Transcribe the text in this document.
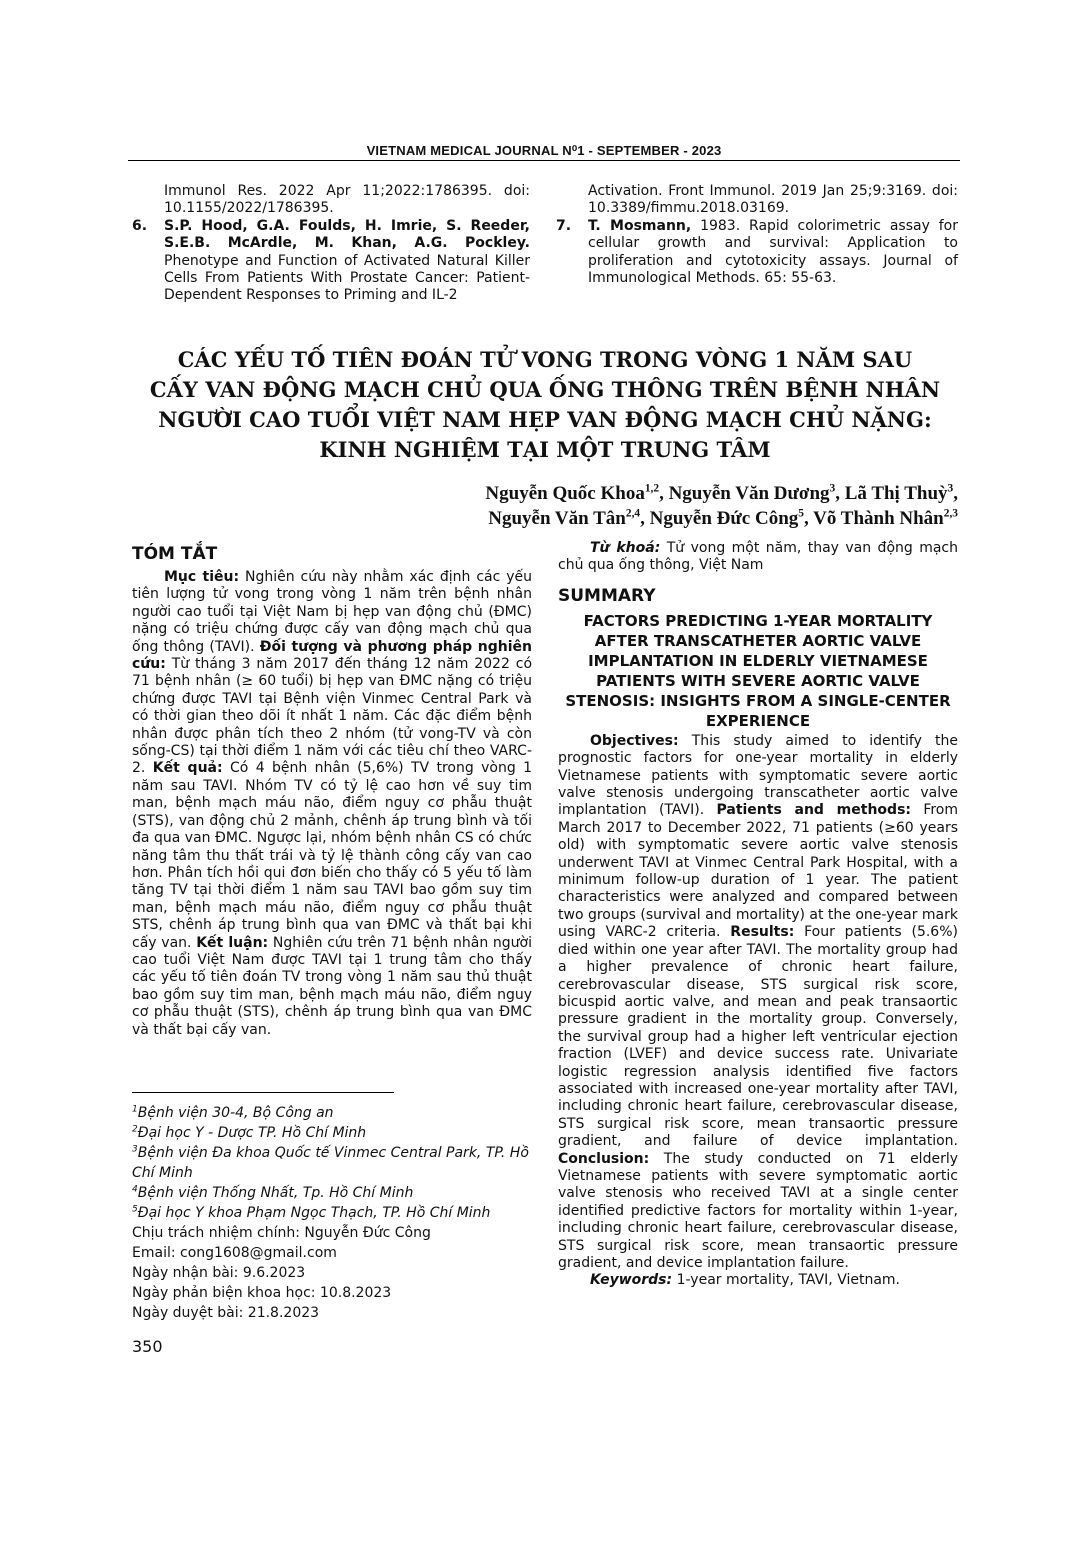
VIETNAM MEDICAL JOURNAL N⁰1 - SEPTEMBER - 2023
Immunol Res. 2022 Apr 11;2022:1786395. doi: 10.1155/2022/1786395.
6. S.P. Hood, G.A. Foulds, H. Imrie, S. Reeder, S.E.B. McArdle, M. Khan, A.G. Pockley. Phenotype and Function of Activated Natural Killer Cells From Patients With Prostate Cancer: Patient-Dependent Responses to Priming and IL-2
Activation. Front Immunol. 2019 Jan 25;9:3169. doi: 10.3389/fimmu.2018.03169.
7. T. Mosmann, 1983. Rapid colorimetric assay for cellular growth and survival: Application to proliferation and cytotoxicity assays. Journal of Immunological Methods. 65: 55-63.
CÁC YẾU TỐ TIÊN ĐOÁN TỬ VONG TRONG VÒNG 1 NĂM SAU
CẤY VAN ĐỘNG MẠCH CHỦ QUA ỐNG THÔNG TRÊN BỆNH NHÂN
NGƯỜI CAO TUỔI VIỆT NAM HẸP VAN ĐỘNG MẠCH CHỦ NẶNG:
KINH NGHIỆM TẠI MỘT TRUNG TÂM
Nguyễn Quốc Khoa$^{1,2}$, Nguyễn Văn Dương$^3$, Lã Thị Thuỳ$^3$,
Nguyễn Văn Tân$^{2,4}$, Nguyễn Đức Công$^5$, Võ Thành Nhân$^{2,3}$
TÓM TẮT
Mục tiêu: Nghiên cứu này nhằm xác định các yếu tiên lượng tử vong trong vòng 1 năm trên bệnh nhân người cao tuổi tại Việt Nam bị hẹp van động chủ (ĐMC) nặng có triệu chứng được cấy van động mạch chủ qua ống thông (TAVI). Đối tượng và phương pháp nghiên cứu: Từ tháng 3 năm 2017 đến tháng 12 năm 2022 có 71 bệnh nhân (≥ 60 tuổi) bị hẹp van ĐMC nặng có triệu chứng được TAVI tại Bệnh viện Vinmec Central Park và có thời gian theo dõi ít nhất 1 năm. Các đặc điểm bệnh nhân được phân tích theo 2 nhóm (tử vong-TV và còn sống-CS) tại thời điểm 1 năm với các tiêu chí theo VARC-2. Kết quả: Có 4 bệnh nhân (5,6%) TV trong vòng 1 năm sau TAVI. Nhóm TV có tỷ lệ cao hơn về suy tim man, bệnh mạch máu não, điểm nguy cơ phẫu thuật (STS), van động chủ 2 mảnh, chênh áp trung bình và tối đa qua van ĐMC. Ngược lại, nhóm bệnh nhân CS có chức năng tâm thu thất trái và tỷ lệ thành công cấy van cao hơn. Phân tích hồi qui đơn biến cho thấy có 5 yếu tố làm tăng TV tại thời điểm 1 năm sau TAVI bao gồm suy tim man, bệnh mạch máu não, điểm nguy cơ phẫu thuật STS, chênh áp trung bình qua van ĐMC và thất bại khi cấy van. Kết luận: Nghiên cứu trên 71 bệnh nhân người cao tuổi Việt Nam được TAVI tại 1 trung tâm cho thấy các yếu tố tiên đoán TV trong vòng 1 năm sau thủ thuật bao gồm suy tim man, bệnh mạch máu não, điểm nguy cơ phẫu thuật (STS), chênh áp trung bình qua van ĐMC và thất bại cấy van.
$^1$Bệnh viện 30-4, Bộ Công an
$^2$Đại học Y - Dược TP. Hồ Chí Minh
$^3$Bệnh viện Đa khoa Quốc tế Vinmec Central Park, TP. Hồ Chí Minh
$^4$Bệnh viện Thống Nhất, Tp. Hồ Chí Minh
$^5$Đại học Y khoa Phạm Ngọc Thạch, TP. Hồ Chí Minh
Chịu trách nhiệm chính: Nguyễn Đức Công
Email: cong1608@gmail.com
Ngày nhận bài: 9.6.2023
Ngày phản biện khoa học: 10.8.2023
Ngày duyệt bài: 21.8.2023
350
Từ khoá: Tử vong một năm, thay van động mạch chủ qua ống thông, Việt Nam
SUMMARY
FACTORS PREDICTING 1-YEAR MORTALITY AFTER TRANSCATHETER AORTIC VALVE IMPLANTATION IN ELDERLY VIETNAMESE PATIENTS WITH SEVERE AORTIC VALVE STENOSIS: INSIGHTS FROM A SINGLE-CENTER EXPERIENCE
Objectives: This study aimed to identify the prognostic factors for one-year mortality in elderly Vietnamese patients with symptomatic severe aortic valve stenosis undergoing transcatheter aortic valve implantation (TAVI). Patients and methods: From March 2017 to December 2022, 71 patients (≥60 years old) with symptomatic severe aortic valve stenosis underwent TAVI at Vinmec Central Park Hospital, with a minimum follow-up duration of 1 year. The patient characteristics were analyzed and compared between two groups (survival and mortality) at the one-year mark using VARC-2 criteria. Results: Four patients (5.6%) died within one year after TAVI. The mortality group had a higher prevalence of chronic heart failure, cerebrovascular disease, STS surgical risk score, bicuspid aortic valve, and mean and peak transaortic pressure gradient in the mortality group. Conversely, the survival group had a higher left ventricular ejection fraction (LVEF) and device success rate. Univariate logistic regression analysis identified five factors associated with increased one-year mortality after TAVI, including chronic heart failure, cerebrovascular disease, STS surgical risk score, mean transaortic pressure gradient, and failure of device implantation. Conclusion: The study conducted on 71 elderly Vietnamese patients with severe symptomatic aortic valve stenosis who received TAVI at a single center identified predictive factors for mortality within 1-year, including chronic heart failure, cerebrovascular disease, STS surgical risk score, mean transaortic pressure gradient, and device implantation failure.
Keywords: 1-year mortality, TAVI, Vietnam.
